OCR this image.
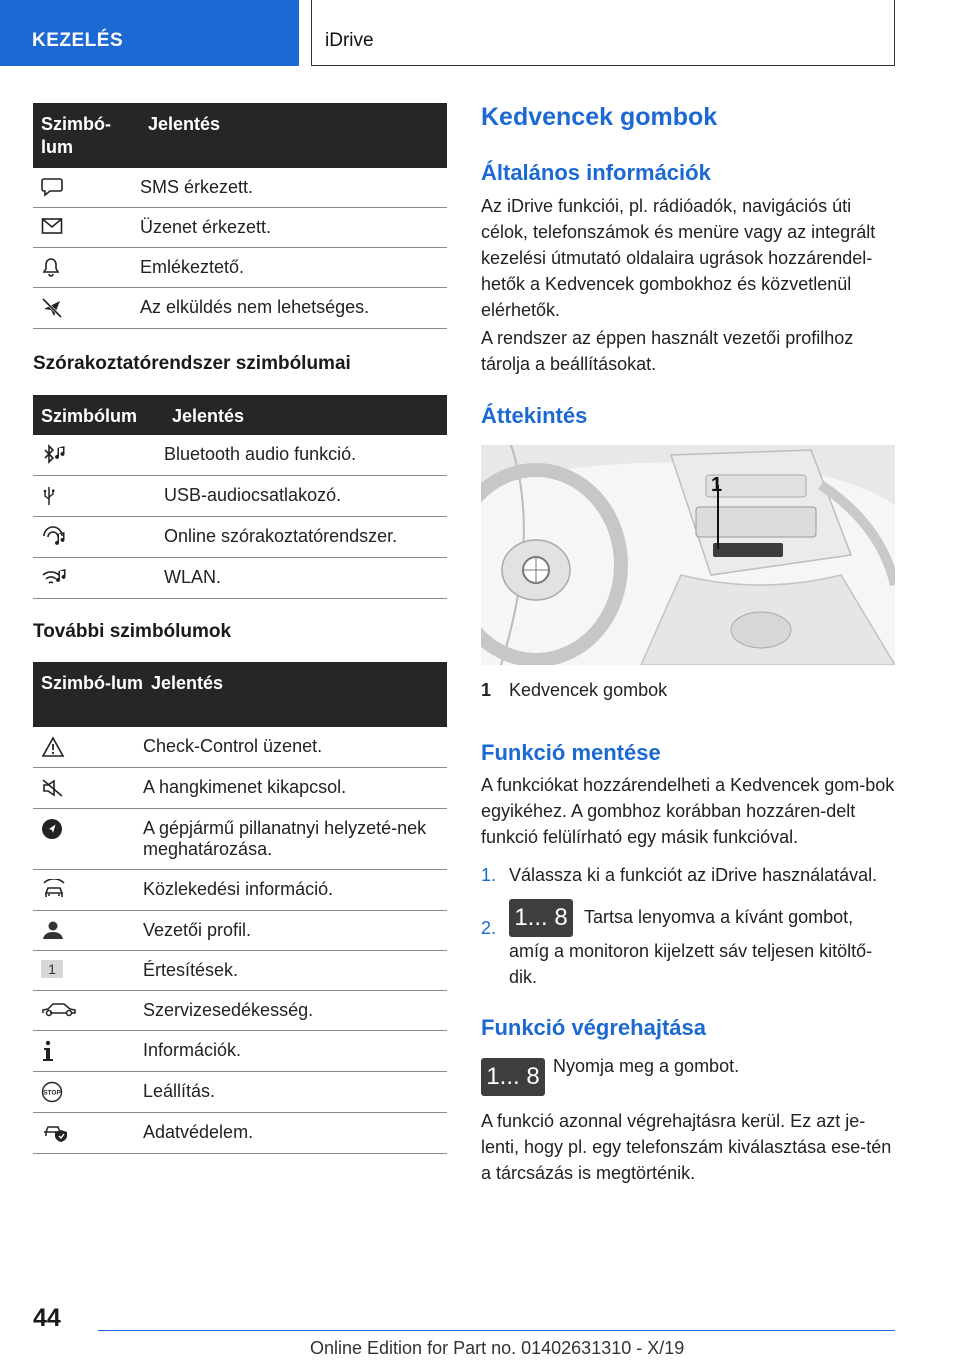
KEZELÉS	iDrive
Szimbó-lum	Jelentés

	SMS érkezett.

	Üzenet érkezett.

	Emlékeztető.

	Az elküldés nem lehetséges.
Szórakoztatórendszer szimbólumai
Szimbólum	Jelentés

	Bluetooth audio funkció.

	USB-audiocsatlakozó.

	Online szórakoztatórendszer.

	WLAN.
További szimbólumok
Szimbó-lum	Jelentés

	Check-Control üzenet.

	A hangkimenet kikapcsol.

	A gépjármű pillanatnyi helyzeté-nek meghatározása.

	Közlekedési információ.

	Vezetői profil.

1	Értesítések.

	Szervizesedékesség.

	Információk.

STOP	Leállítás.

	Adatvédelem.
Kedvencek gombok
Általános információk
Az iDrive funkciói, pl. rádióadók, navigációs úti célok, telefonszámok és menüre vagy az integrált kezelési útmutató oldalaira ugrások hozzárendel-hetők a Kedvencek gombokhoz és közvetlenül elérhetők.
A rendszer az éppen használt vezetői profilhoz tárolja a beállításokat.
Áttekintés
1
1 Kedvencek gombok
Funkció mentése
A funkciókat hozzárendelheti a Kedvencek gom-bok egyikéhez. A gombhoz korábban hozzáren-delt funkció felülírható egy másik funkcióval.
1. Válassza ki a funkciót az iDrive használatával.
2. 1... 8 Tartsa lenyomva a kívánt gombot,
amíg a monitoron kijelzett sáv teljesen kitöltő-dik.
Funkció végrehajtása
1... 8 Nyomja meg a gombot.
A funkció azonnal végrehajtásra kerül. Ez azt je-lenti, hogy pl. egy telefonszám kiválasztása ese-tén a tárcsázás is megtörténik.
44
Online Edition for Part no. 01402631310 - X/19
